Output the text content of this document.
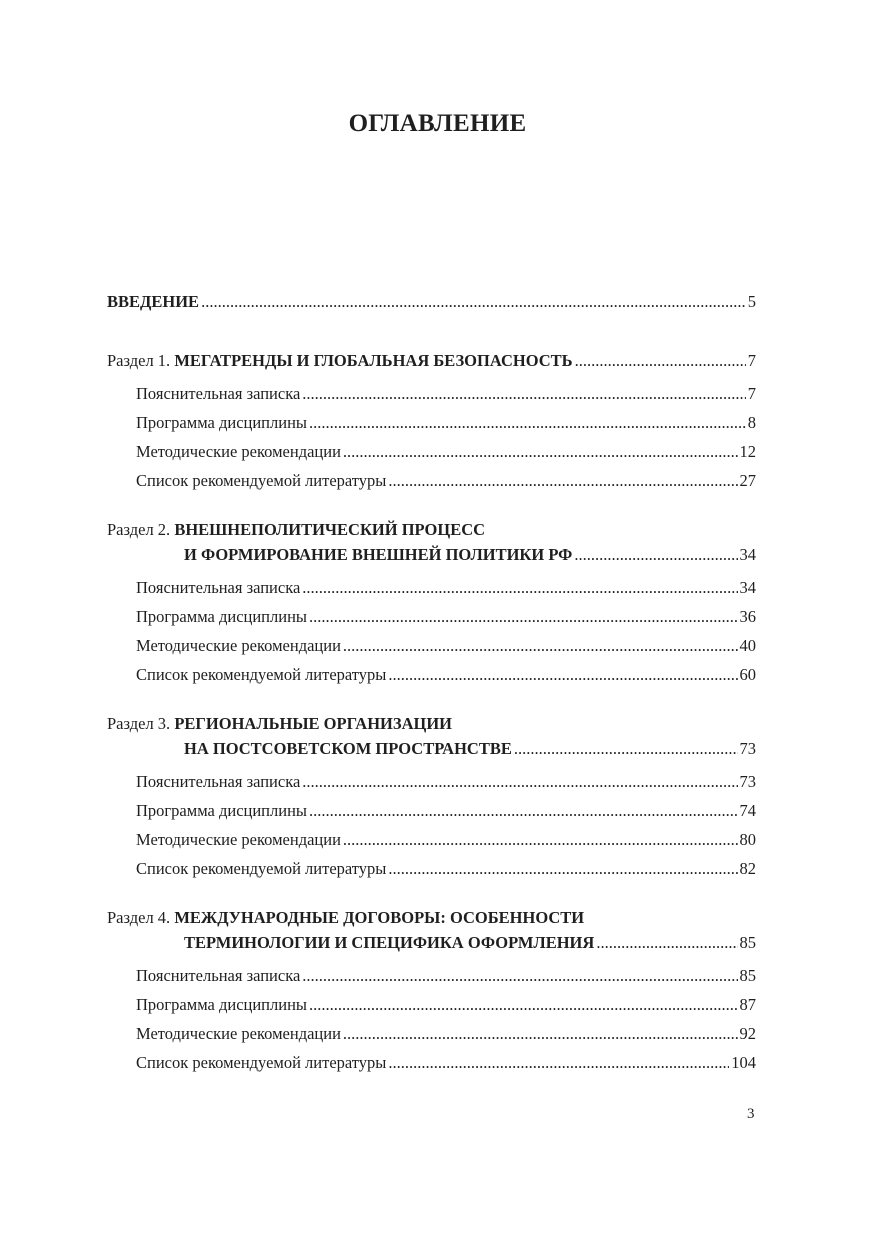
ОГЛАВЛЕНИЕ
ВВЕДЕНИЕ .....	5
Раздел 1.
МЕГАТРЕНДЫ И ГЛОБАЛЬНАЯ БЕЗОПАСНОСТЬ .....	7
Пояснительная записка .....	7
Программа дисциплины .....	8
Методические рекомендации .....	12
Список рекомендуемой литературы .....	27
Раздел 2. ВНЕШНЕПОЛИТИЧЕСКИЙ ПРОЦЕСС
И ФОРМИРОВАНИЕ ВНЕШНЕЙ ПОЛИТИКИ РФ .....	34
Пояснительная записка .....	34
Программа дисциплины .....	36
Методические рекомендации .....	40
Список рекомендуемой литературы .....	60
Раздел 3. РЕГИОНАЛЬНЫЕ ОРГАНИЗАЦИИ
НА ПОСТСОВЕТСКОМ ПРОСТРАНСТВЕ .....	73
Пояснительная записка .....	73
Программа дисциплины .....	74
Методические рекомендации .....	80
Список рекомендуемой литературы .....	82
Раздел 4. МЕЖДУНАРОДНЫЕ ДОГОВОРЫ: ОСОБЕННОСТИ
ТЕРМИНОЛОГИИ И СПЕЦИФИКА ОФОРМЛЕНИЯ .....	85
Пояснительная записка .....	85
Программа дисциплины .....	87
Методические рекомендации .....	92
Список рекомендуемой литературы .....	104
3
